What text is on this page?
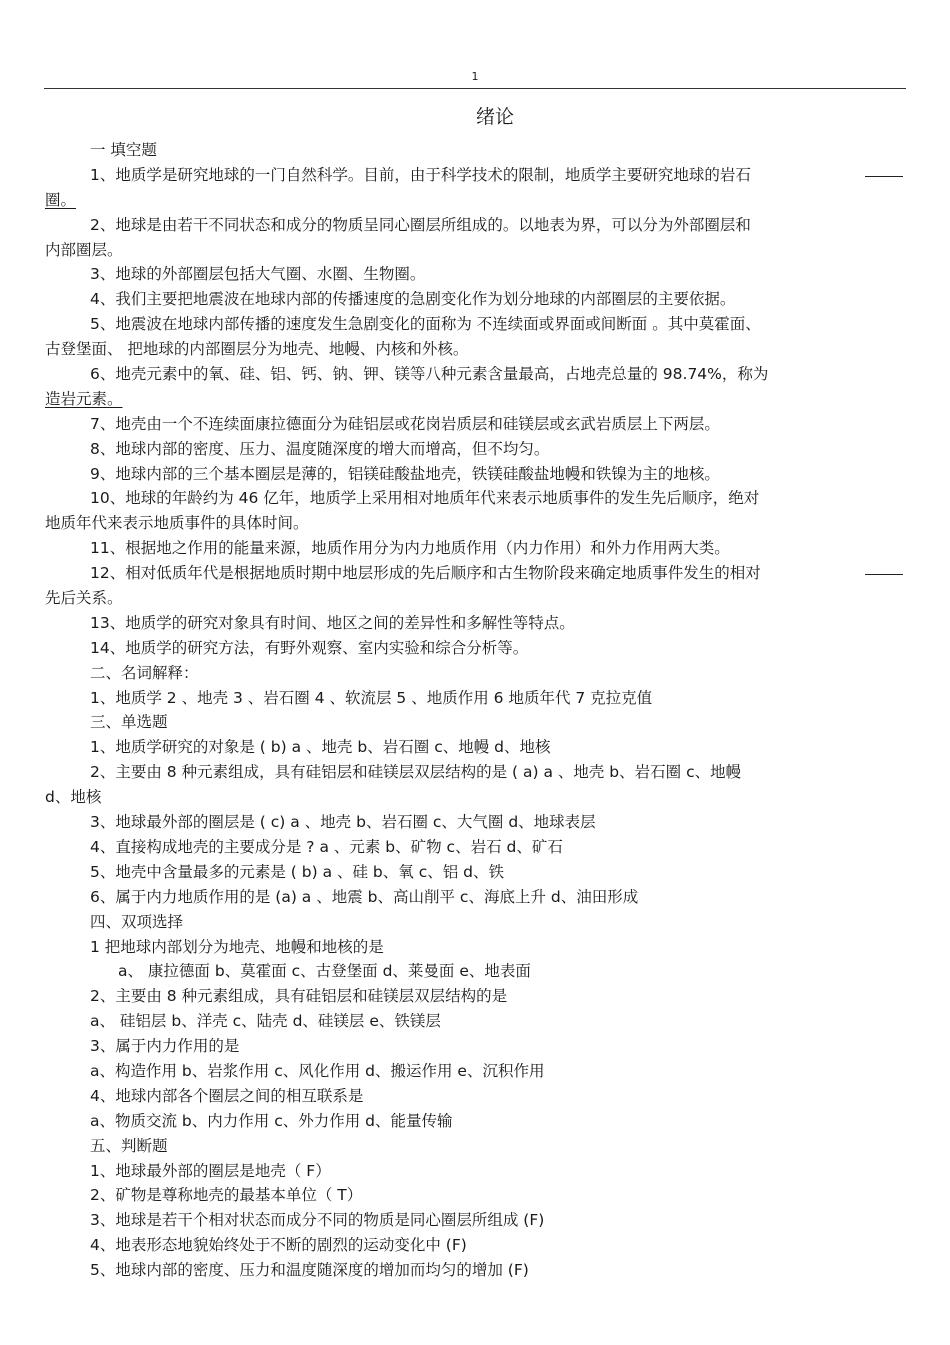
1
绪论
一 填空题
1、地质学是研究地球的一门自然科学。目前，由于科学技术的限制，地质学主要研究地球的岩石
圈。
2、地球是由若干不同状态和成分的物质呈同心圈层所组成的。以地表为界，可以分为外部圈层和
内部圈层。
3、地球的外部圈层包括大气圈、水圈、生物圈。
4、我们主要把地震波在地球内部的传播速度的急剧变化作为划分地球的内部圈层的主要依据。
5、地震波在地球内部传播的速度发生急剧变化的面称为 不连续面或界面或间断面 。其中莫霍面、
古登堡面、 把地球的内部圈层分为地壳、地幔、内核和外核。
6、地壳元素中的氧、硅、铝、钙、钠、钾、镁等八种元素含量最高，占地壳总量的 98.74%，称为
造岩元素。
7、地壳由一个不连续面康拉德面分为硅铝层或花岗岩质层和硅镁层或玄武岩质层上下两层。
8、地球内部的密度、压力、温度随深度的增大而增高，但不均匀。
9、地球内部的三个基本圈层是薄的，铝镁硅酸盐地壳，铁镁硅酸盐地幔和铁镍为主的地核。
10、地球的年龄约为 46 亿年，地质学上采用相对地质年代来表示地质事件的发生先后顺序，绝对
地质年代来表示地质事件的具体时间。
11、根据地之作用的能量来源，地质作用分为内力地质作用（内力作用）和外力作用两大类。
12、相对低质年代是根据地质时期中地层形成的先后顺序和古生物阶段来确定地质事件发生的相对
先后关系。
13、地质学的研究对象具有时间、地区之间的差异性和多解性等特点。
14、地质学的研究方法，有野外观察、室内实验和综合分析等。
二、名词解释：
1、地质学 2 、地壳 3 、岩石圈 4 、软流层 5 、地质作用 6 地质年代 7 克拉克值
三、单选题
1、地质学研究的对象是 ( b) a 、地壳 b、岩石圈 c、地幔 d、地核
2、主要由 8 种元素组成，具有硅铝层和硅镁层双层结构的是 ( a) a 、地壳 b、岩石圈 c、地幔
d、地核
3、地球最外部的圈层是 ( c) a 、地壳 b、岩石圈 c、大气圈 d、地球表层
4、直接构成地壳的主要成分是 ? a 、元素 b、矿物 c、岩石 d、矿石
5、地壳中含量最多的元素是 ( b) a 、硅 b、氧 c、铝 d、铁
6、属于内力地质作用的是 (a) a 、地震 b、高山削平 c、海底上升 d、油田形成
四、双项选择
1 把地球内部划分为地壳、地幔和地核的是
a、 康拉德面 b、莫霍面 c、古登堡面 d、莱曼面 e、地表面
2、主要由 8 种元素组成，具有硅铝层和硅镁层双层结构的是
a、 硅铝层 b、洋壳 c、陆壳 d、硅镁层 e、铁镁层
3、属于内力作用的是
a、构造作用 b、岩浆作用 c、风化作用 d、搬运作用 e、沉积作用
4、地球内部各个圈层之间的相互联系是
a、物质交流 b、内力作用 c、外力作用 d、能量传输
五、判断题
1、地球最外部的圈层是地壳（ F）
2、矿物是尊称地壳的最基本单位（ T）
3、地球是若干个相对状态而成分不同的物质是同心圈层所组成 (F)
4、地表形态地貌始终处于不断的剧烈的运动变化中 (F)
5、地球内部的密度、压力和温度随深度的增加而均匀的增加 (F)
